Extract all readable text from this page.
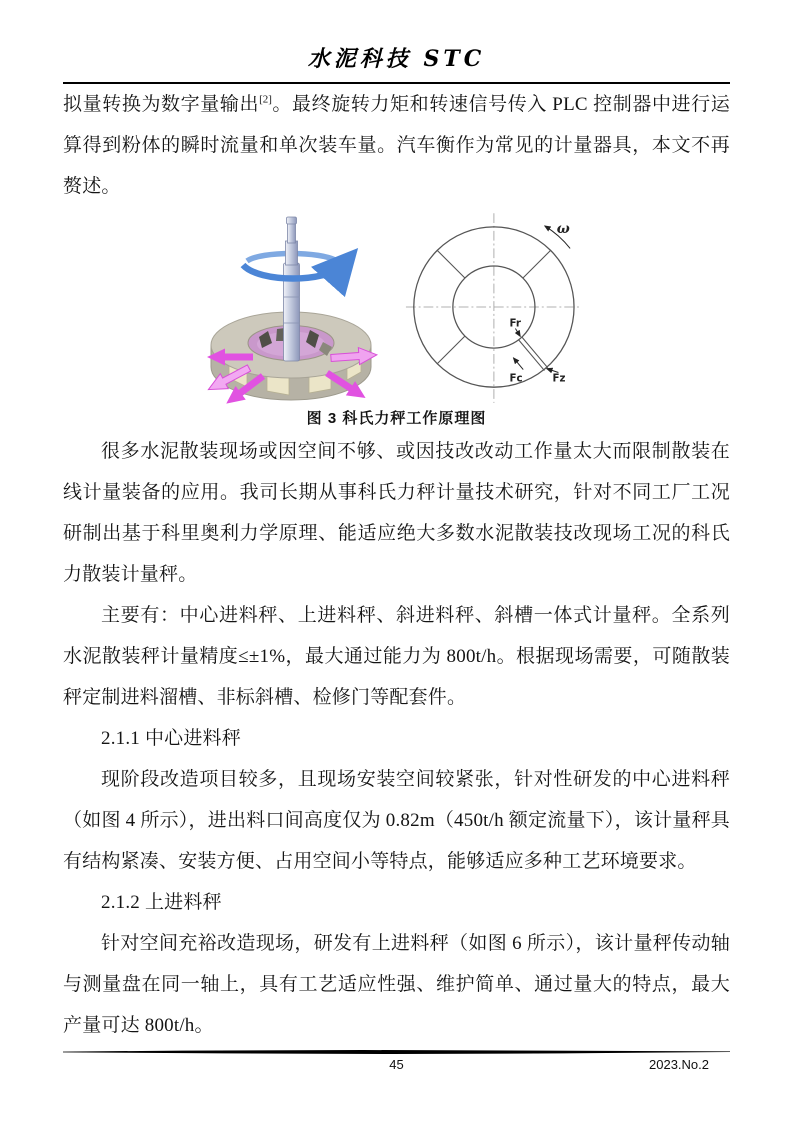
水泥科技 STC

拟量转换为数字量输出[2]。最终旋转力矩和转速信号传入 PLC 控制器中进行运算得到粉体的瞬时流量和单次装车量。汽车衡作为常见的计量器具，本文不再赘述。

Fr
Fc	Fz
ω
图 3 科氏力秤工作原理图

很多水泥散装现场或因空间不够、或因技改改动工作量太大而限制散装在线计量装备的应用。我司长期从事科氏力秤计量技术研究，针对不同工厂工况研制出基于科里奥利力学原理、能适应绝大多数水泥散装技改现场工况的科氏力散装计量秤。

主要有：中心进料秤、上进料秤、斜进料秤、斜槽一体式计量秤。全系列水泥散装秤计量精度≤±1%，最大通过能力为 800t/h。根据现场需要，可随散装秤定制进料溜槽、非标斜槽、检修门等配套件。

2.1.1 中心进料秤

现阶段改造项目较多，且现场安装空间较紧张，针对性研发的中心进料秤（如图 4 所示），进出料口间高度仅为 0.82m（450t/h 额定流量下），该计量秤具有结构紧凑、安装方便、占用空间小等特点，能够适应多种工艺环境要求。

2.1.2 上进料秤

针对空间充裕改造现场，研发有上进料秤（如图 6 所示），该计量秤传动轴与测量盘在同一轴上，具有工艺适应性强、维护简单、通过量大的特点，最大产量可达 800t/h。

45	2023.No.2
